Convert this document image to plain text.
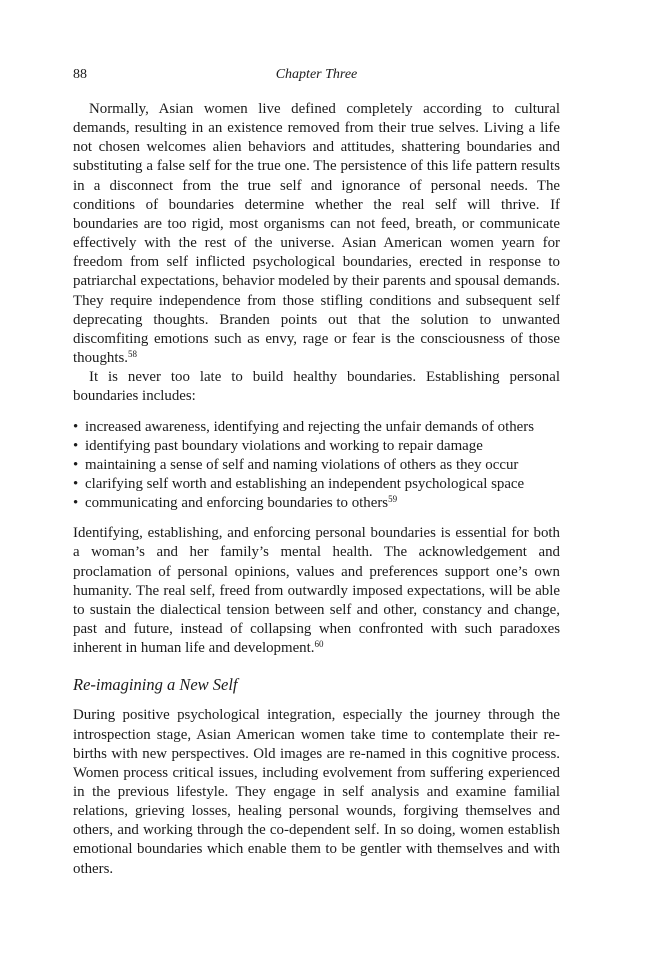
88	Chapter Three

Normally, Asian women live defined completely according to cultural demands, resulting in an existence removed from their true selves. Living a life not chosen welcomes alien behaviors and attitudes, shattering boundaries and substituting a false self for the true one. The persistence of this life pattern results in a disconnect from the true self and ignorance of personal needs. The conditions of boundaries determine whether the real self will thrive. If boundaries are too rigid, most organisms can not feed, breath, or communicate effectively with the rest of the universe. Asian American women yearn for freedom from self inflicted psychological boundaries, erected in response to patriarchal expectations, behavior modeled by their parents and spousal demands. They require independence from those stifling conditions and subsequent self deprecating thoughts. Branden points out that the solution to unwanted discomfiting emotions such as envy, rage or fear is the consciousness of those thoughts.$^{58}$

It is never too late to build healthy boundaries. Establishing personal boundaries includes:

• increased awareness, identifying and rejecting the unfair demands of others
• identifying past boundary violations and working to repair damage
• maintaining a sense of self and naming violations of others as they occur
• clarifying self worth and establishing an independent psychological space
• communicating and enforcing boundaries to others$^{59}$

Identifying, establishing, and enforcing personal boundaries is essential for both a woman’s and her family’s mental health. The acknowledgement and proclamation of personal opinions, values and preferences support one’s own humanity. The real self, freed from outwardly imposed expectations, will be able to sustain the dialectical tension between self and other, constancy and change, past and future, instead of collapsing when confronted with such paradoxes inherent in human life and development.$^{60}$

Re-imagining a New Self

During positive psychological integration, especially the journey through the introspection stage, Asian American women take time to contemplate their re-births with new perspectives. Old images are re-named in this cognitive process. Women process critical issues, including evolvement from suffering experienced in the previous lifestyle. They engage in self analysis and examine familial relations, grieving losses, healing personal wounds, forgiving themselves and others, and working through the co-dependent self. In so doing, women establish emotional boundaries which enable them to be gentler with themselves and with others.
